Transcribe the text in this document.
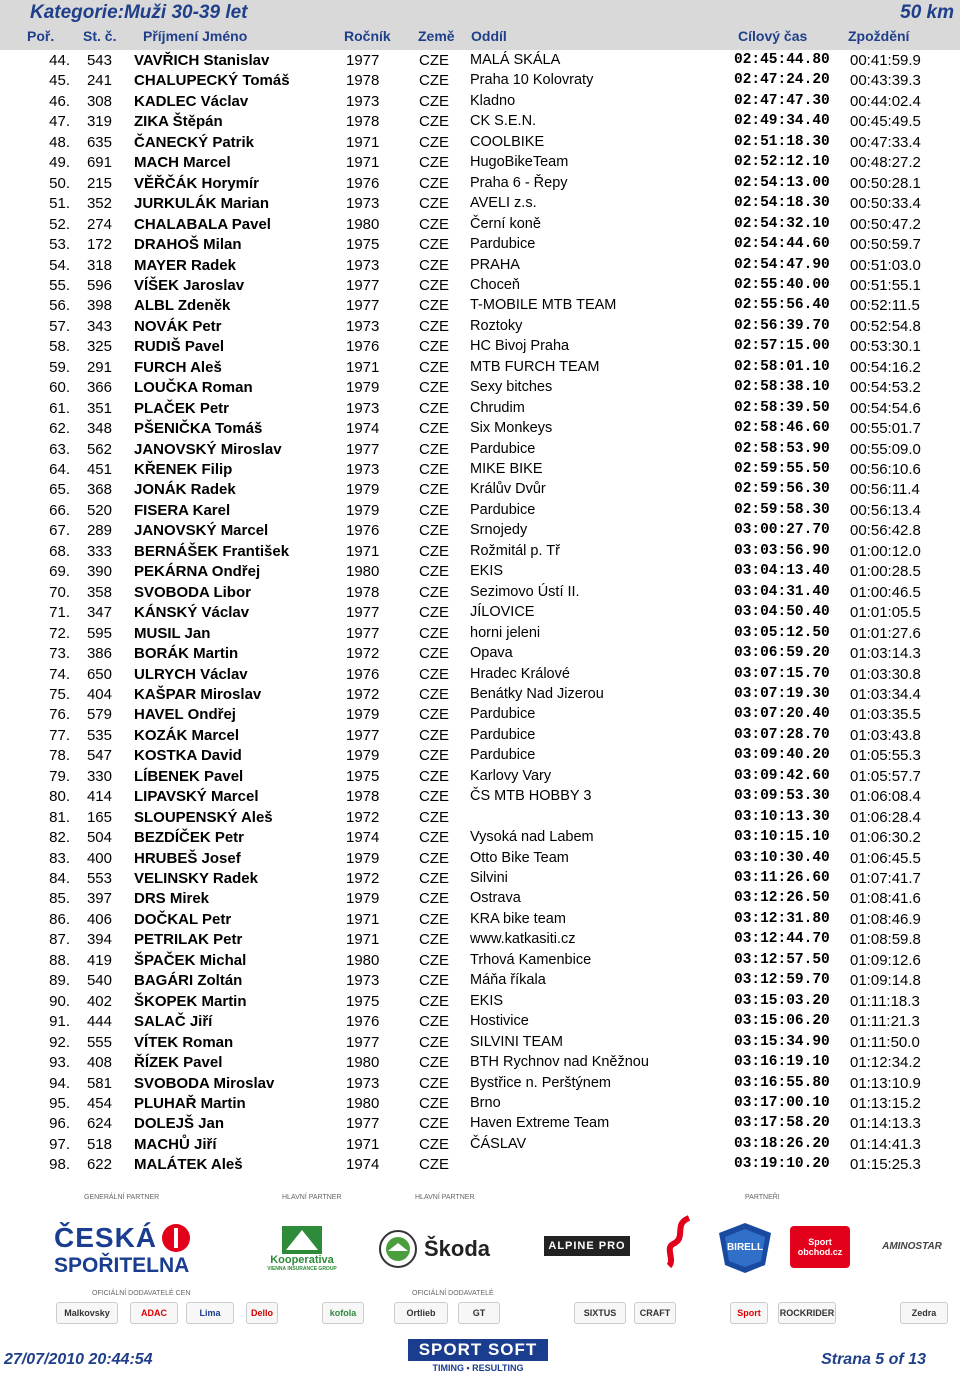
Kategorie:Muži 30-39 let	50 km
Poř. St. č. Příjmení Jméno	Ročník Země Oddíl	Cílový čas	Zpoždění
44.	543 VAVŘICH Stanislav	1977	CZE MALÁ SKÁLA	02:45:44.80 00:41:59.9
45.	241 CHALUPECKÝ Tomáš	1978	CZE Praha 10 Kolovraty	02:47:24.20 00:43:39.3
46.	308 KADLEC Václav	1973	CZE Kladno	02:47:47.30 00:44:02.4
47.	319 ZIKA Štěpán	1978	CZE CK S.E.N.	02:49:34.40 00:45:49.5
48.	635 ČANECKÝ Patrik	1971	CZE COOLBIKE	02:51:18.30 00:47:33.4
49.	691 MACH Marcel	1971	CZE HugoBikeTeam	02:52:12.10 00:48:27.2
50.	215 VĚŘČÁK Horymír	1976	CZE Praha 6 - Řepy	02:54:13.00 00:50:28.1
51.	352 JURKULÁK Marian	1973	CZE AVELI z.s.	02:54:18.30 00:50:33.4
52.	274 CHALABALA Pavel	1980	CZE Černí koně	02:54:32.10 00:50:47.2
53.	172 DRAHOŠ Milan	1975	CZE Pardubice	02:54:44.60 00:50:59.7
54.	318 MAYER Radek	1973	CZE PRAHA	02:54:47.90 00:51:03.0
55.	596 VÍŠEK Jaroslav	1977	CZE Choceň	02:55:40.00 00:51:55.1
56.	398 ALBL Zdeněk	1977	CZE T-MOBILE MTB TEAM	02:55:56.40 00:52:11.5
57.	343 NOVÁK Petr	1973	CZE Roztoky	02:56:39.70 00:52:54.8
58.	325 RUDIŠ Pavel	1976	CZE HC Bivoj Praha	02:57:15.00 00:53:30.1
59.	291 FURCH Aleš	1971	CZE MTB FURCH TEAM	02:58:01.10 00:54:16.2
60.	366 LOUČKA Roman	1979	CZE Sexy bitches	02:58:38.10 00:54:53.2
61.	351 PLAČEK Petr	1973	CZE Chrudim	02:58:39.50 00:54:54.6
62.	348 PŠENIČKA Tomáš	1974	CZE Six Monkeys	02:58:46.60 00:55:01.7
63.	562 JANOVSKÝ Miroslav	1977	CZE Pardubice	02:58:53.90 00:55:09.0
64.	451 KŘENEK Filip	1973	CZE MIKE BIKE	02:59:55.50 00:56:10.6
65.	368 JONÁK Radek	1979	CZE Králův Dvůr	02:59:56.30 00:56:11.4
66.	520 FISERA Karel	1979	CZE Pardubice	02:59:58.30 00:56:13.4
67.	289 JANOVSKÝ Marcel	1976	CZE Srnojedy	03:00:27.70 00:56:42.8
68.	333 BERNÁŠEK František	1971	CZE Rožmitál p. Tř	03:03:56.90 01:00:12.0
69.	390 PEKÁRNA Ondřej	1980	CZE EKIS	03:04:13.40 01:00:28.5
70.	358 SVOBODA Libor	1978	CZE Sezimovo Ústí II.	03:04:31.40 01:00:46.5
71.	347 KÁNSKÝ Václav	1977	CZE JÍLOVICE	03:04:50.40 01:01:05.5
72.	595 MUSIL Jan	1977	CZE horni jeleni	03:05:12.50 01:01:27.6
73.	386 BORÁK Martin	1972	CZE Opava	03:06:59.20 01:03:14.3
74.	650 ULRYCH Václav	1976	CZE Hradec Králové	03:07:15.70 01:03:30.8
75.	404 KAŠPAR Miroslav	1972	CZE Benátky Nad Jizerou	03:07:19.30 01:03:34.4
76.	579 HAVEL Ondřej	1979	CZE Pardubice	03:07:20.40 01:03:35.5
77.	535 KOZÁK Marcel	1977	CZE Pardubice	03:07:28.70 01:03:43.8
78.	547 KOSTKA David	1979	CZE Pardubice	03:09:40.20 01:05:55.3
79.	330 LÍBENEK Pavel	1975	CZE Karlovy Vary	03:09:42.60 01:05:57.7
80.	414 LIPAVSKÝ Marcel	1978	CZE ČS MTB HOBBY 3	03:09:53.30 01:06:08.4
81.	165 SLOUPENSKÝ Aleš	1972	CZE	03:10:13.30 01:06:28.4
82.	504 BEZDÍČEK Petr	1974	CZE Vysoká nad Labem	03:10:15.10 01:06:30.2
83.	400 HRUBEŠ Josef	1979	CZE Otto Bike Team	03:10:30.40 01:06:45.5
84.	553 VELINSKY Radek	1972	CZE Silvini	03:11:26.60 01:07:41.7
85.	397 DRS Mirek	1979	CZE Ostrava	03:12:26.50 01:08:41.6
86.	406 DOČKAL Petr	1971	CZE KRA bike team	03:12:31.80 01:08:46.9
87.	394 PETRILAK Petr	1971	CZE www.katkasiti.cz	03:12:44.70 01:08:59.8
88.	419 ŠPAČEK Michal	1980	CZE Trhová Kamenbice	03:12:57.50 01:09:12.6
89.	540 BAGÁRI Zoltán	1973	CZE Máňa říkala	03:12:59.70 01:09:14.8
90.	402 ŠKOPEK Martin	1975	CZE EKIS	03:15:03.20 01:11:18.3
91.	444 SALAČ Jiří	1976	CZE Hostivice	03:15:06.20 01:11:21.3
92.	555 VÍTEK Roman	1977	CZE SILVINI TEAM	03:15:34.90 01:11:50.0
93.	408 ŘÍZEK Pavel	1980	CZE BTH Rychnov nad Kněžnou	03:16:19.10 01:12:34.2
94.	581 SVOBODA Miroslav	1973	CZE Bystřice n. Perštýnem	03:16:55.80 01:13:10.9
95.	454 PLUHAŘ Martin	1980	CZE Brno	03:17:00.10 01:13:15.2
96.	624 DOLEJŠ Jan	1977	CZE Haven Extreme Team	03:17:58.20 01:14:13.3
97.	518 MACHŮ Jiří	1971	CZE ČÁSLAV	03:18:26.20 01:14:41.3
98.	622 MALÁTEK Aleš	1974	CZE	03:19:10.20 01:15:25.3
GENERÁLNÍ PARTNER	HLAVNÍ PARTNER	HLAVNÍ PARTNER	PARTNEŘI
ČESKÁ
SPOŘITELNA	Kooperativa
VIENNA INSURANCE GROUP
Škoda	ALPINE PRO	BIRELL	Sport obchod.cz
AMINOSTAR
OFICIÁLNÍ DODAVATELÉ CEN	OFICIÁLNÍ DODAVATELÉ
Malkovsky	ADAC	Lima	Dello	kofola	Ortlieb	GT	SIXTUS	CRAFT	Sport	ROCKRIDER	Zedra
27/07/2010 20:44:54
SPORT SOFT
TIMING • RESULTING	Strana 5 of 13
